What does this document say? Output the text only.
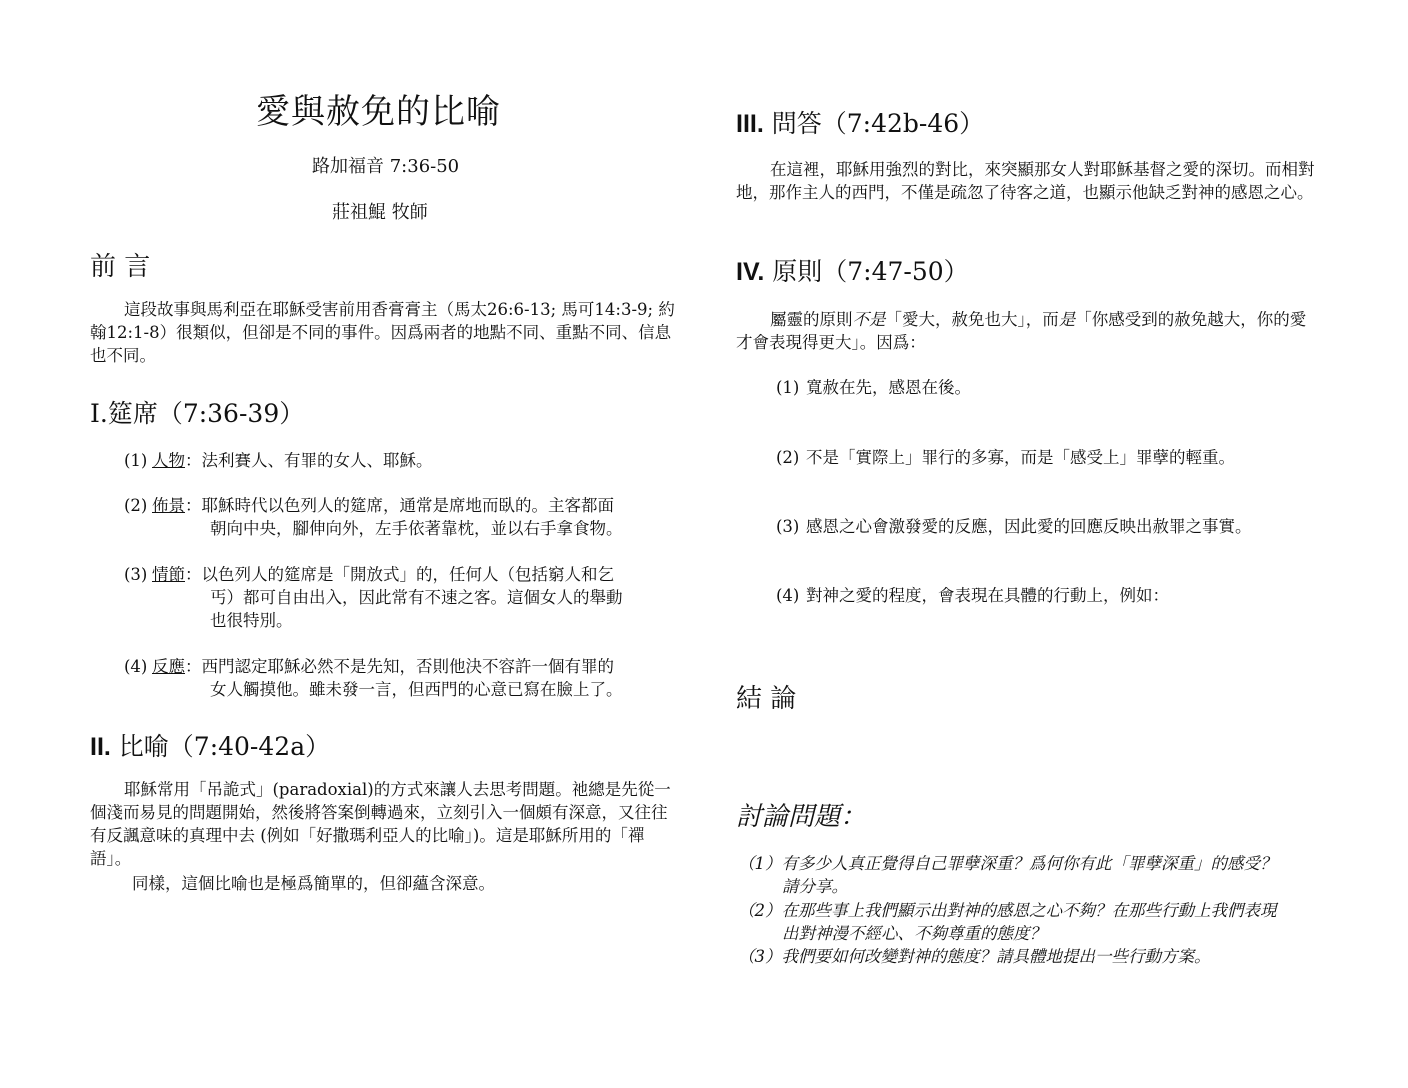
愛與赦免的比喻
路加福音 7:36-50
莊祖鯤 牧師
前 言

這段故事與馬利亞在耶穌受害前用香膏膏主（馬太26:6-13; 馬可14:3-9; 約翰12:1-8）很類似，但卻是不同的事件。因爲兩者的地點不同、重點不同、信息也不同。

I.筵席（7:36-39）
(1) 人物：法利賽人、有罪的女人、耶穌。
(2) 佈景：耶穌時代以色列人的筵席，通常是席地而臥的。主客都面
朝向中央，腳伸向外，左手依著靠枕，並以右手拿食物。
(3) 情節：以色列人的筵席是「開放式」的，任何人（包括窮人和乞
丐）都可自由出入，因此常有不速之客。這個女人的舉動
也很特別。
(4) 反應：西門認定耶穌必然不是先知，否則他決不容許一個有罪的
女人觸摸他。雖未發一言，但西門的心意已寫在臉上了。
II. 比喻（7:40-42a）

耶穌常用「吊詭式」(paradoxial)的方式來讓人去思考問題。祂總是先從一個淺而易見的問題開始，然後將答案倒轉過來，立刻引入一個頗有深意，又往往有反諷意味的真理中去 (例如「好撒瑪利亞人的比喻」)。這是耶穌所用的「禪語」。

同樣，這個比喻也是極爲簡單的，但卻蘊含深意。

III. 問答（7:42b-46）

在這裡，耶穌用強烈的對比，來突顯那女人對耶穌基督之愛的深切。而相對地，那作主人的西門，不僅是疏忽了待客之道，也顯示他缺乏對神的感恩之心。

IV. 原則（7:47-50）

屬靈的原則不是「愛大，赦免也大」，而是「你感受到的赦免越大，你的愛才會表現得更大」。因爲：

(1) 寬赦在先，感恩在後。
(2) 不是「實際上」罪行的多寡，而是「感受上」罪孽的輕重。
(3) 感恩之心會激發愛的反應，因此愛的回應反映出赦罪之事實。
(4) 對神之愛的程度，會表現在具體的行動上，例如：
結 論
討論問題：
（1）有多少人真正覺得自己罪孽深重？爲何你有此「罪孽深重」的感受？
請分享。
（2）在那些事上我們顯示出對神的感恩之心不夠？在那些行動上我們表現
出對神漫不經心、不夠尊重的態度？
（3）我們要如何改變對神的態度？請具體地提出一些行動方案。
